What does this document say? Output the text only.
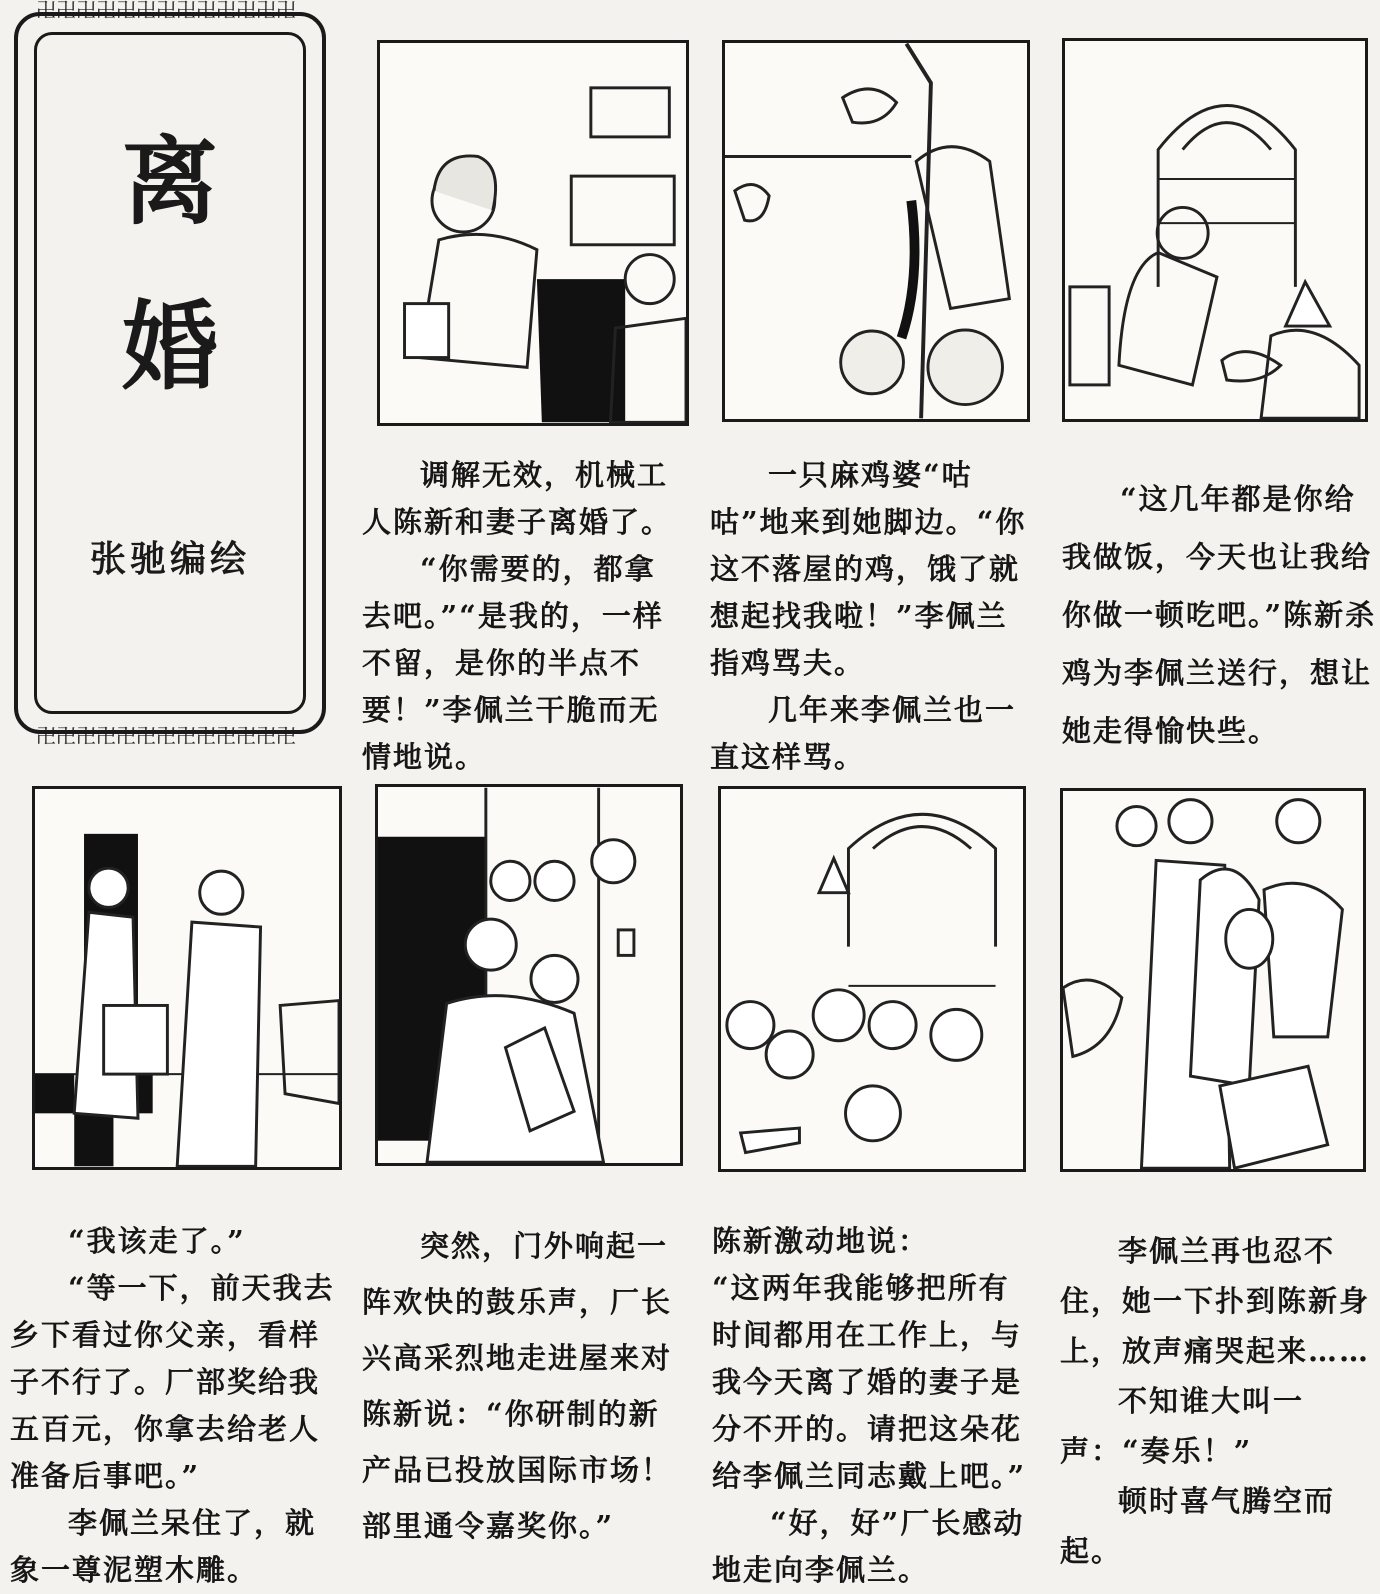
卍卍卍卍卍卍卍卍卍卍卍卍卍
卍卍卍卍卍卍卍卍卍卍卍卍卍
离
婚
张驰编绘

调解无效，机械工人陈新和妻子离婚了。

“你需要的，都拿去吧。”“是我的，一样不留，是你的半点不要！”李佩兰干脆而无情地说。

一只麻鸡婆“咕咕”地来到她脚边。“你这不落屋的鸡，饿了就想起找我啦！”李佩兰指鸡骂夫。

几年来李佩兰也一直这样骂。

“这几年都是你给我做饭，今天也让我给你做一顿吃吧。”陈新杀鸡为李佩兰送行，想让她走得愉快些。

“我该走了。”

“等一下，前天我去乡下看过你父亲，看样子不行了。厂部奖给我五百元，你拿去给老人准备后事吧。”

李佩兰呆住了，就象一尊泥塑木雕。

突然，门外响起一阵欢快的鼓乐声，厂长兴高采烈地走进屋来对陈新说：“你研制的新产品已投放国际市场！部里通令嘉奖你。”

陈新激动地说：

“这两年我能够把所有时间都用在工作上，与我今天离了婚的妻子是分不开的。请把这朵花给李佩兰同志戴上吧。”

“好，好”厂长感动地走向李佩兰。

李佩兰再也忍不住，她一下扑到陈新身上，放声痛哭起来……

不知谁大叫一声：“奏乐！”

顿时喜气腾空而起。
